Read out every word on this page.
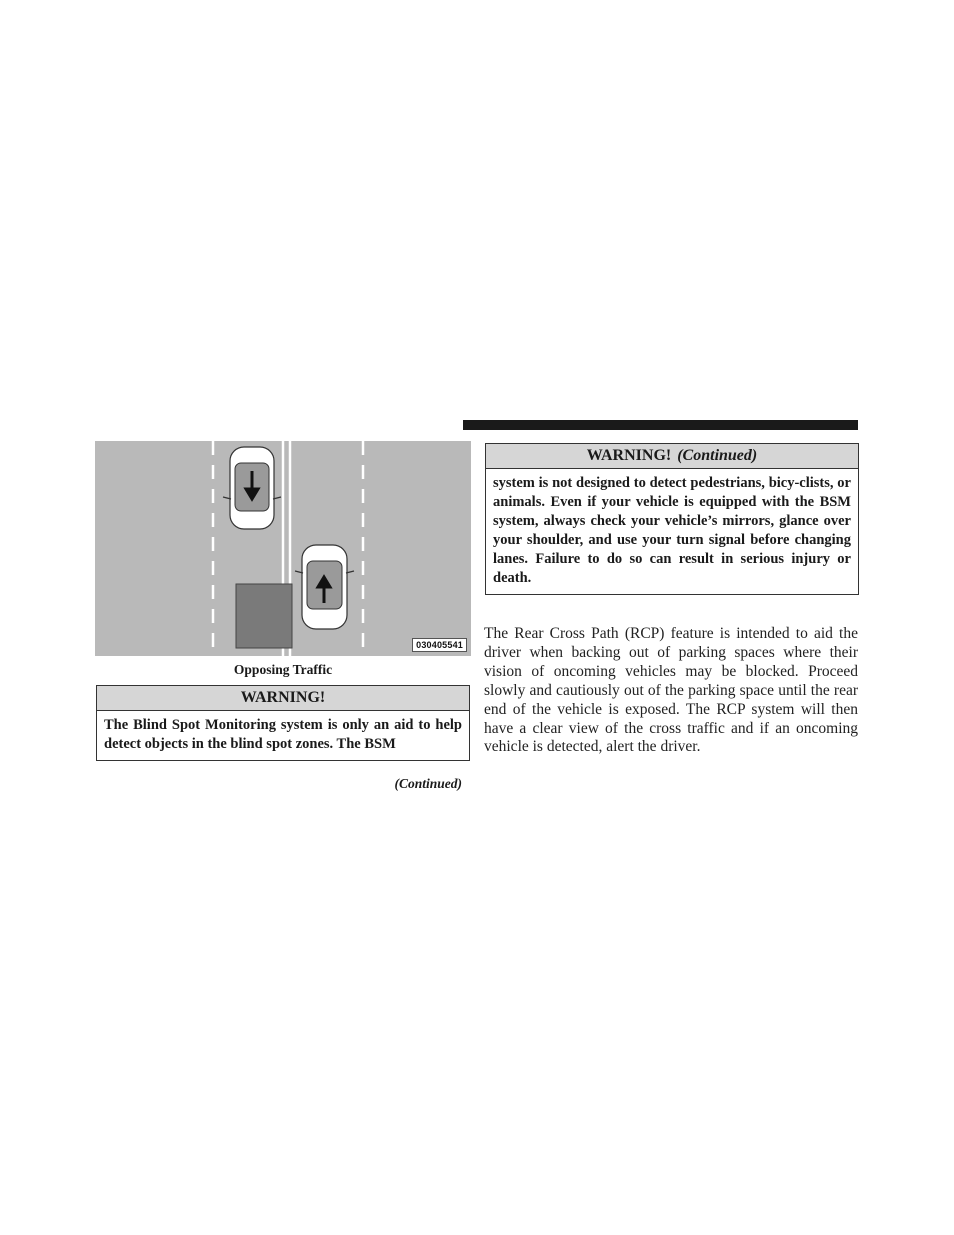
030405541
Opposing Traffic
WARNING!
The Blind Spot Monitoring system is only an aid to help detect objects in the blind spot zones. The BSM
(Continued)
WARNING! (Continued)
system is not designed to detect pedestrians, bicy-clists, or animals. Even if your vehicle is equipped with the BSM system, always check your vehicle’s mirrors, glance over your shoulder, and use your turn signal before changing lanes. Failure to do so can result in serious injury or death.
The Rear Cross Path (RCP) feature is intended to aid the driver when backing out of parking spaces where their vision of oncoming vehicles may be blocked. Proceed slowly and cautiously out of the parking space until the rear end of the vehicle is exposed. The RCP system will then have a clear view of the cross traffic and if an oncoming vehicle is detected, alert the driver.
